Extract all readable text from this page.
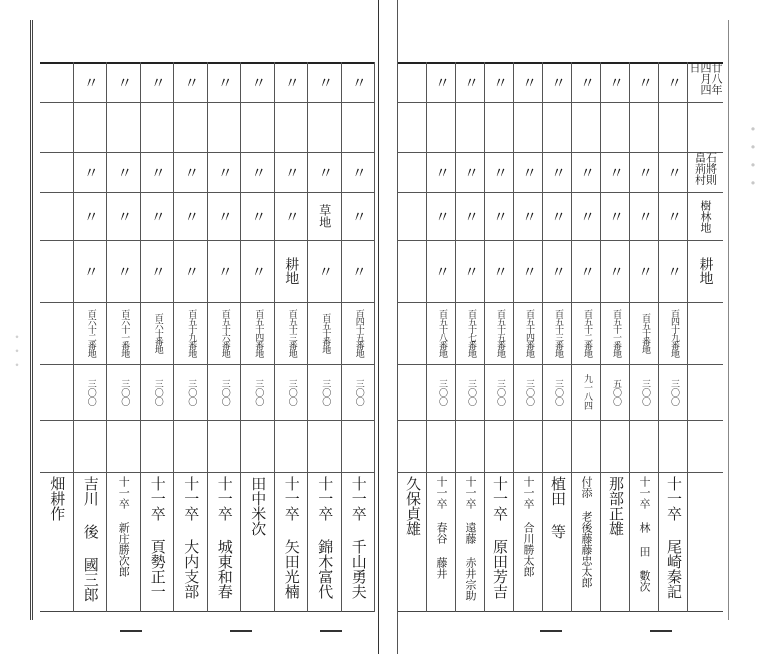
・・・
〃
〃
〃
〃
百四十五番地
三〇〇
十一卒 千山勇夫
〃
〃
草地
〃
百五十番地
三〇〇
十一卒 錦木富代
〃
〃
〃
耕地
百五十三番地
三〇〇
十一卒 矢田光楠
〃
〃
〃
〃
百五十四番地
三〇〇
田中米次
〃
〃
〃
〃
百五十六番地
三〇〇
十一卒 城東和春
〃
〃
〃
〃
百五十九番地
三〇〇
十一卒 大内支部
〃
〃
〃
〃
百六十番地
三〇〇
十一卒 頁勢正一
〃
〃
〃
〃
百六十一番地
三〇〇
十一卒 新庄勝次郎
〃
〃
〃
〃
百六十二番地
三〇〇
吉川 後 國三郎
畑耕作
〃
〃
〃
〃
百四十九番地
三〇〇
十一卒 尾崎秦記
〃
〃
〃
〃
百五十番地
三〇〇
十一卒 林 田 數次
〃
〃
〃
〃
百五十一番地
五〇〇
那部正雄
〃
〃
〃
〃
百五十二番地
九一八四
付添 老後藤藤忠太郎
〃
〃
〃
〃
百五十三番地
三〇〇
植田 等
〃
〃
〃
〃
百五十四番地
三〇〇
十一卒 合川勝太郎
〃
〃
〃
〃
百五十五番地
三〇〇
十一卒 原田芳吉
〃
〃
〃
〃
百五十七番地
三〇〇
十一卒 遠藤 赤井宗助
〃
〃
〃
〃
百五十八番地
三〇〇
十一卒 春谷 藤井
久保貞雄
廿八年 四月四日
石將則 畠荊村
樹林地
耕地
・・・・
